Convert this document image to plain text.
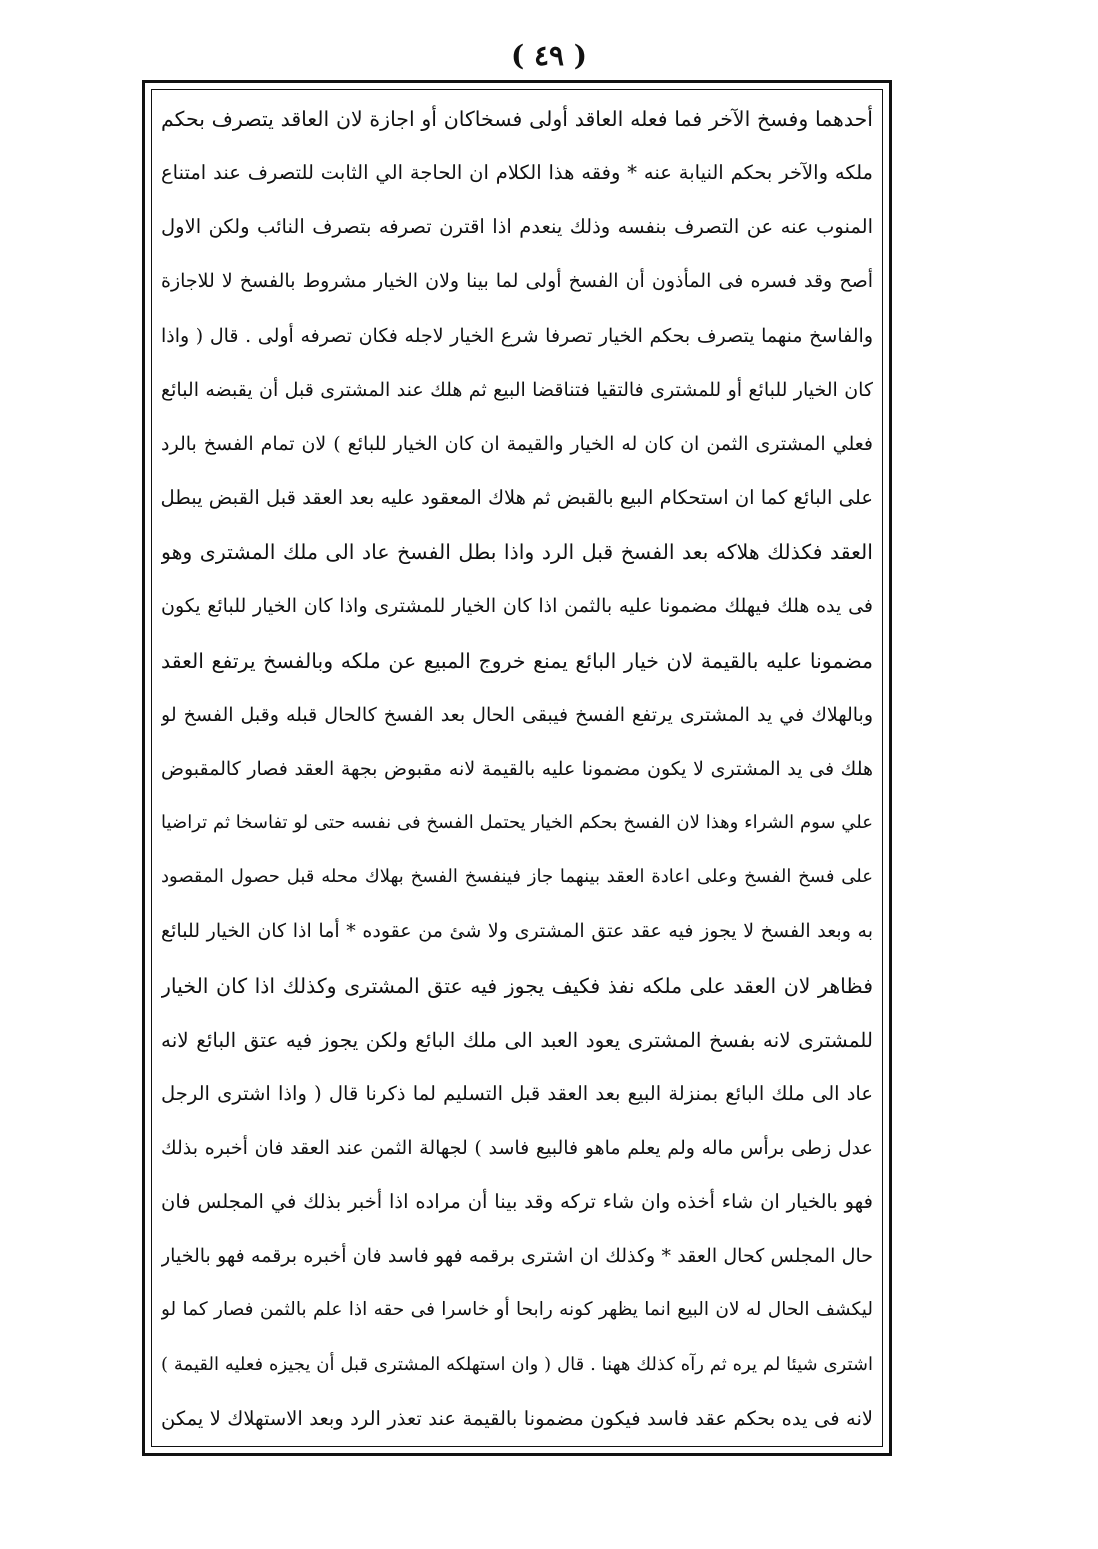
( ٤٩ )
أحدهما وفسخ الآخر فما فعله العاقد أولى فسخاكان أو اجازة لان العاقد يتصرف بحكم
ملكه والآخر بحكم النيابة عنه * وفقه هذا الكلام ان الحاجة الي الثابت للتصرف عند امتناع
المنوب عنه عن التصرف بنفسه وذلك ينعدم اذا اقترن تصرفه بتصرف النائب ولكن الاول
أصح وقد فسره فى المأذون أن الفسخ أولى لما بينا ولان الخيار مشروط بالفسخ لا للاجازة
والفاسخ منهما يتصرف بحكم الخيار تصرفا شرع الخيار لاجله فكان تصرفه أولى . قال ( واذا
كان الخيار للبائع أو للمشترى فالتقيا فتناقضا البيع ثم هلك عند المشترى قبل أن يقبضه البائع
فعلي المشترى الثمن ان كان له الخيار والقيمة ان كان الخيار للبائع ) لان تمام الفسخ بالرد
على البائع كما ان استحكام البيع بالقبض ثم هلاك المعقود عليه بعد العقد قبل القبض يبطل
العقد فكذلك هلاكه بعد الفسخ قبل الرد واذا بطل الفسخ عاد الى ملك المشترى وهو
فى يده هلك فيهلك مضمونا عليه بالثمن اذا كان الخيار للمشترى واذا كان الخيار للبائع يكون
مضمونا عليه بالقيمة لان خيار البائع يمنع خروج المبيع عن ملكه وبالفسخ يرتفع العقد
وبالهلاك في يد المشترى يرتفع الفسخ فيبقى الحال بعد الفسخ كالحال قبله وقبل الفسخ لو
هلك فى يد المشترى لا يكون مضمونا عليه بالقيمة لانه مقبوض بجهة العقد فصار كالمقبوض
علي سوم الشراء وهذا لان الفسخ بحكم الخيار يحتمل الفسخ فى نفسه حتى لو تفاسخا ثم تراضيا
على فسخ الفسخ وعلى اعادة العقد بينهما جاز فينفسخ الفسخ بهلاك محله قبل حصول المقصود
به وبعد الفسخ لا يجوز فيه عقد عتق المشترى ولا شئ من عقوده * أما اذا كان الخيار للبائع
فظاهر لان العقد على ملكه نفذ فكيف يجوز فيه عتق المشترى وكذلك اذا كان الخيار
للمشترى لانه بفسخ المشترى يعود العبد الى ملك البائع ولكن يجوز فيه عتق البائع لانه
عاد الى ملك البائع بمنزلة البيع بعد العقد قبل التسليم لما ذكرنا قال ( واذا اشترى الرجل
عدل زطى برأس ماله ولم يعلم ماهو فالبيع فاسد ) لجهالة الثمن عند العقد فان أخبره بذلك
فهو بالخيار ان شاء أخذه وان شاء تركه وقد بينا أن مراده اذا أخبر بذلك في المجلس فان
حال المجلس كحال العقد * وكذلك ان اشترى برقمه فهو فاسد فان أخبره برقمه فهو بالخيار
ليكشف الحال له لان البيع انما يظهر كونه رابحا أو خاسرا فى حقه اذا علم بالثمن فصار كما لو
اشترى شيئا لم يره ثم رآه كذلك ههنا . قال ( وان استهلكه المشترى قبل أن يجيزه فعليه القيمة )
لانه فى يده بحكم عقد فاسد فيكون مضمونا بالقيمة عند تعذر الرد وبعد الاستهلاك لا يمكن
